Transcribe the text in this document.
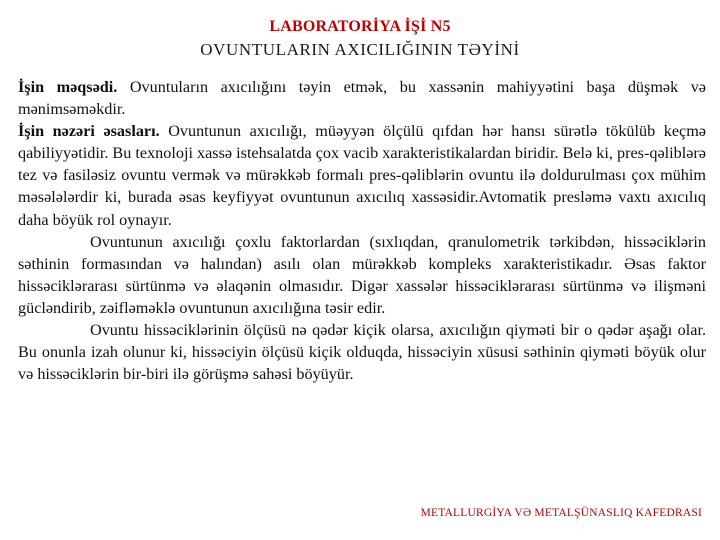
LABORATORİYA İŞİ N5
OVUNTULARIN AXICILIĞININ TƏYİNİ

İşin məqsədi. Ovuntuların axıcılığını təyin etmək, bu xassənin mahiyyətini başa düşmək və mənimsəməkdir.

İşin nəzəri əsasları. Ovuntunun axıcılığı, müəyyən ölçülü qıfdan hər hansı sürətlə tökülüb keçmə qabiliyyətidir. Bu texnoloji xassə istehsalatda çox vacib xarakteristikalardan biridir. Belə ki, pres-qəliblərə tez və fasiləsiz ovuntu vermək və mürəkkəb formalı pres-qəliblərin ovuntu ilə doldurulması çox mühim məsələlərdir ki, burada əsas keyfiyyət ovuntunun axıcılıq xassəsidir.Avtomatik presləmə vaxtı axıcılıq daha böyük rol oynayır.

Ovuntunun axıcılığı çoxlu faktorlardan (sıxlıqdan, qranulometrik tərkibdən, hissəciklərin səthinin formasından və halından) asılı olan mürəkkəb kompleks xarakteristikadır. Əsas faktor hissəciklərarası sürtünmə və əlaqənin olmasıdır. Digər xassələr hissəciklərarası sürtünmə və ilişməni gücləndirib, zəifləməklə ovuntunun axıcılığına təsir edir.

Ovuntu hissəciklərinin ölçüsü nə qədər kiçik olarsa, axıcılığın qiyməti bir o qədər aşağı olar. Bu onunla izah olunur ki, hissəciyin ölçüsü kiçik olduqda, hissəciyin xüsusi səthinin qiyməti böyük olur və hissəciklərin bir-biri ilə görüşmə sahəsi böyüyür.

METALLURGİYA VƏ METALŞÜNASLIQ KAFEDRASI
